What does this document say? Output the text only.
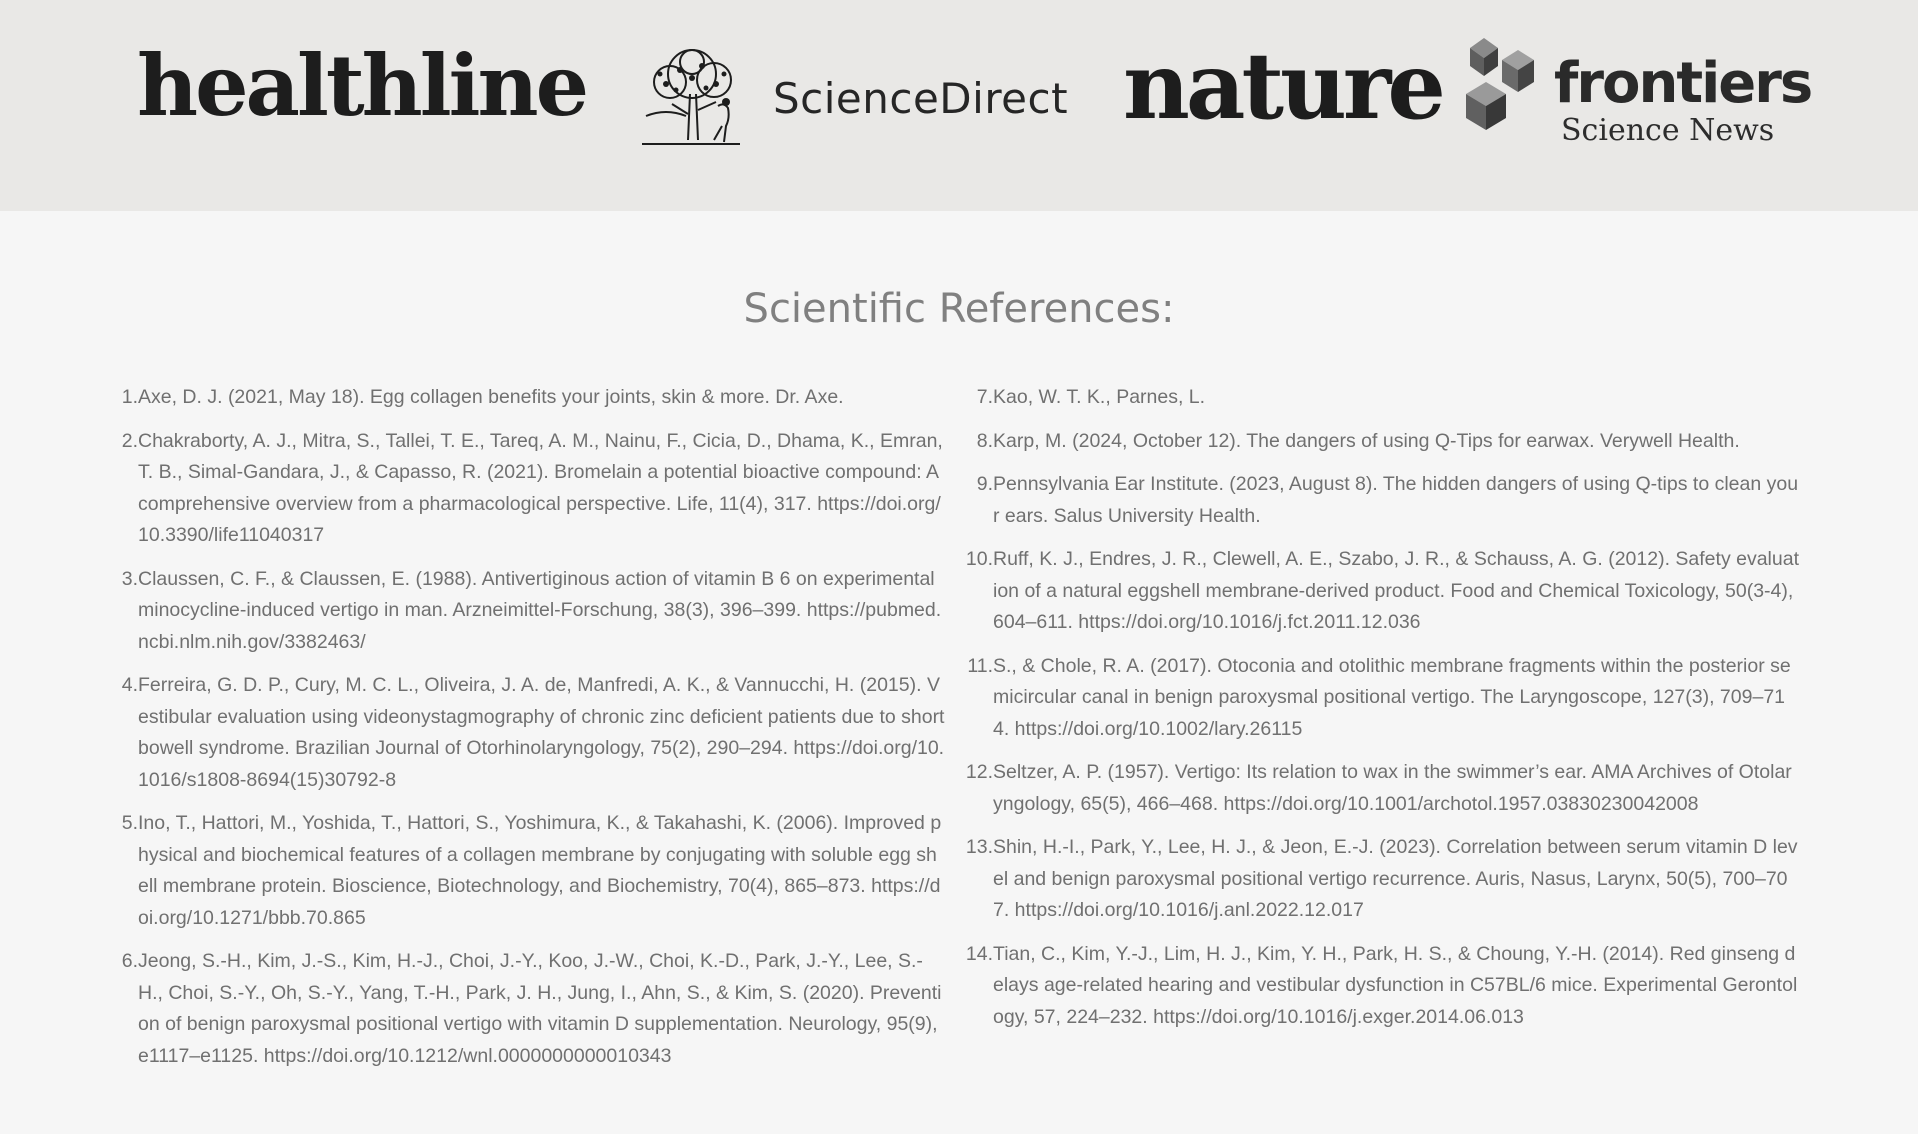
healthline	ScienceDirect nature frontiers
Science News
Scientific References:
1. Axe, D. J. (2021, May 18). Egg collagen benefits your joints, skin & more. Dr. Axe.
2. Chakraborty, A. J., Mitra, S., Tallei, T. E., Tareq, A. M., Nainu, F., Cicia, D., Dhama, K., Emran, T. B., Simal-Gandara, J., & Capasso, R. (2021). Bromelain a potential bioactive compound: A comprehensive overview from a pharmacological perspective. Life, 11(4), 317. https://doi.org/10.3390/life11040317
3. Claussen, C. F., & Claussen, E. (1988). Antivertiginous action of vitamin B 6 on experimental minocycline-induced vertigo in man. Arzneimittel-Forschung, 38(3), 396–399. https://pubmed.ncbi.nlm.nih.gov/3382463/
4. Ferreira, G. D. P., Cury, M. C. L., Oliveira, J. A. de, Manfredi, A. K., & Vannucchi, H. (2015). Vestibular evaluation using videonystagmography of chronic zinc deficient patients due to short bowell syndrome. Brazilian Journal of Otorhinolaryngology, 75(2), 290–294. https://doi.org/10.1016/s1808-8694(15)30792-8
5. Ino, T., Hattori, M., Yoshida, T., Hattori, S., Yoshimura, K., & Takahashi, K. (2006). Improved physical and biochemical features of a collagen membrane by conjugating with soluble egg shell membrane protein. Bioscience, Biotechnology, and Biochemistry, 70(4), 865–873. https://doi.org/10.1271/bbb.70.865
6. Jeong, S.-H., Kim, J.-S., Kim, H.-J., Choi, J.-Y., Koo, J.-W., Choi, K.-D., Park, J.-Y., Lee, S.-H., Choi, S.-Y., Oh, S.-Y., Yang, T.-H., Park, J. H., Jung, I., Ahn, S., & Kim, S. (2020). Prevention of benign paroxysmal positional vertigo with vitamin D supplementation. Neurology, 95(9), e1117–e1125. https://doi.org/10.1212/wnl.0000000000010343
7. Kao, W. T. K., Parnes, L.
8. Karp, M. (2024, October 12). The dangers of using Q-Tips for earwax. Verywell Health.
9. Pennsylvania Ear Institute. (2023, August 8). The hidden dangers of using Q-tips to clean your ears. Salus University Health.
10. Ruff, K. J., Endres, J. R., Clewell, A. E., Szabo, J. R., & Schauss, A. G. (2012). Safety evaluation of a natural eggshell membrane-derived product. Food and Chemical Toxicology, 50(3-4), 604–611. https://doi.org/10.1016/j.fct.2011.12.036
11. S., & Chole, R. A. (2017). Otoconia and otolithic membrane fragments within the posterior semicircular canal in benign paroxysmal positional vertigo. The Laryngoscope, 127(3), 709–714. https://doi.org/10.1002/lary.26115
12. Seltzer, A. P. (1957). Vertigo: Its relation to wax in the swimmer’s ear. AMA Archives of Otolaryngology, 65(5), 466–468. https://doi.org/10.1001/archotol.1957.03830230042008
13. Shin, H.-I., Park, Y., Lee, H. J., & Jeon, E.-J. (2023). Correlation between serum vitamin D level and benign paroxysmal positional vertigo recurrence. Auris, Nasus, Larynx, 50(5), 700–707. https://doi.org/10.1016/j.anl.2022.12.017
14. Tian, C., Kim, Y.-J., Lim, H. J., Kim, Y. H., Park, H. S., & Choung, Y.-H. (2014). Red ginseng delays age-related hearing and vestibular dysfunction in C57BL/6 mice. Experimental Gerontology, 57, 224–232. https://doi.org/10.1016/j.exger.2014.06.013
